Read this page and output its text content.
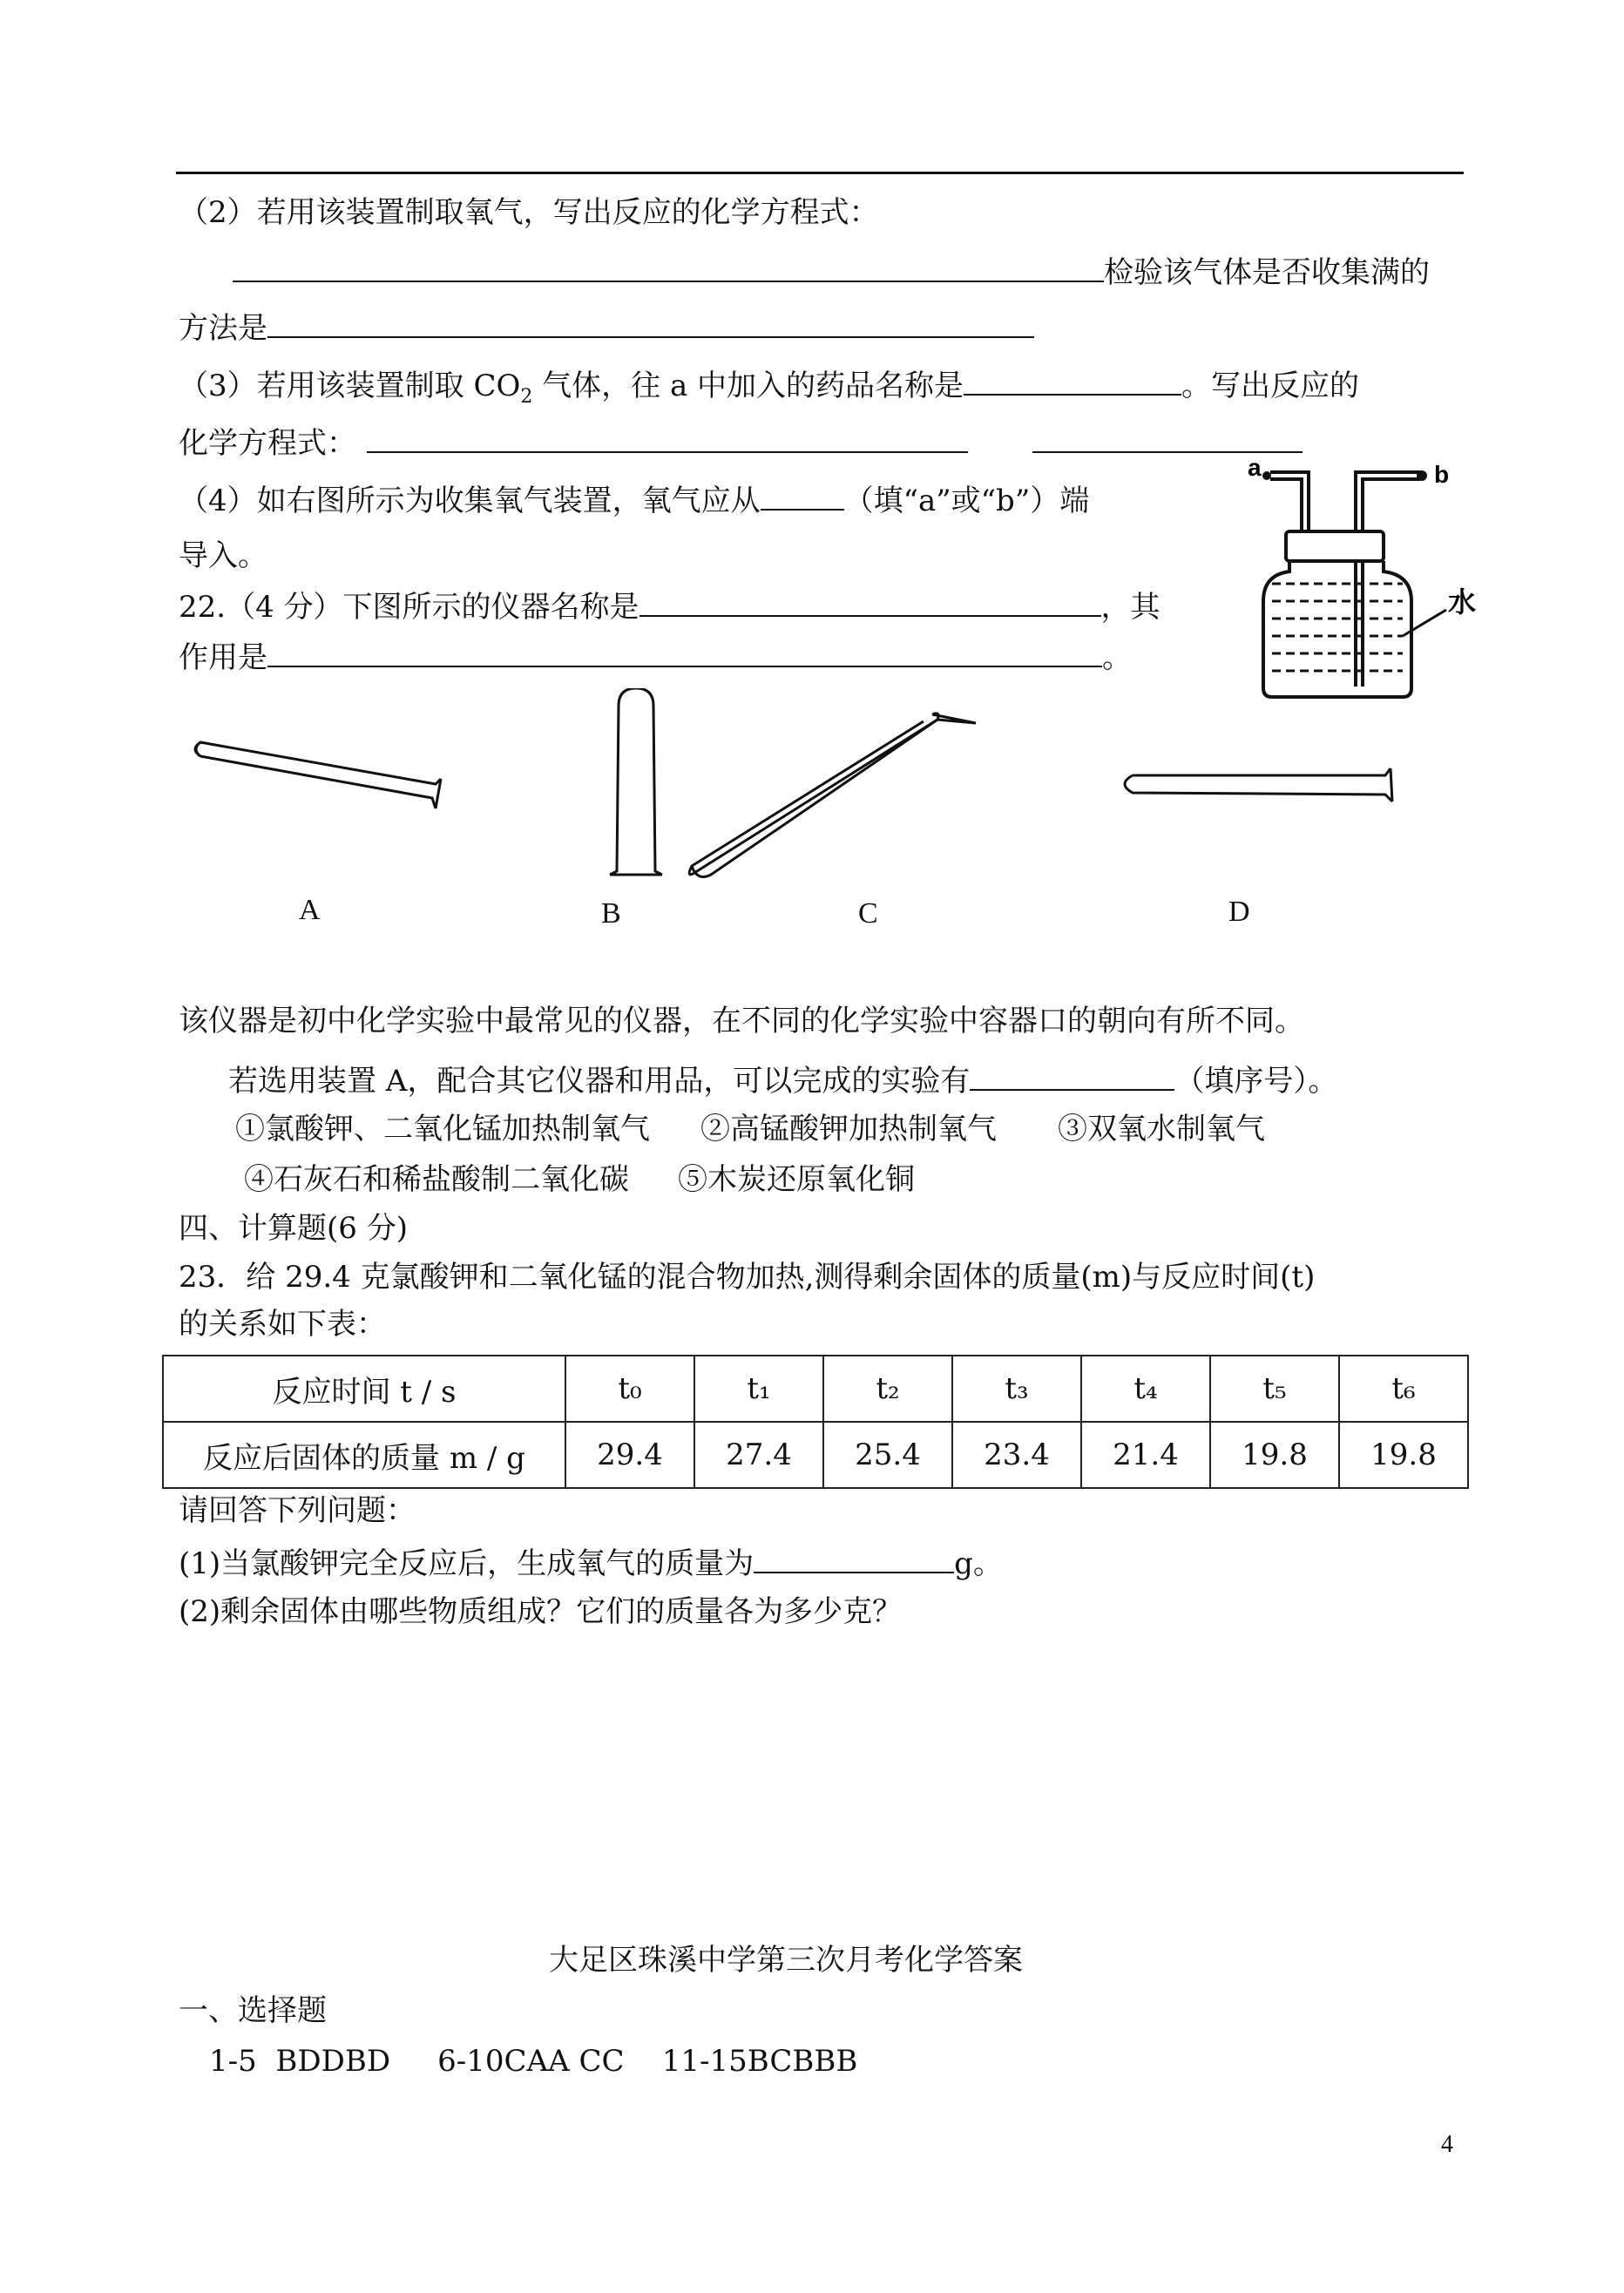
（2）若用该装置制取氧气，写出反应的化学方程式：
检验该气体是否收集满的
方法是
（3）若用该装置制取 $CO_2$ 气体，往 a 中加入的药品名称是	。写出反应的
化学方程式：
（4）如右图所示为收集氧气装置，氧气应从	（填“a”或“b”）端
导入。
a	b
水
22.（4 分）下图所示的仪器名称是	，其
作用是	。
A	B	C	D
该仪器是初中化学实验中最常见的仪器，在不同的化学实验中容器口的朝向有所不同。
若选用装置 A，配合其它仪器和用品，可以完成的实验有	（填序号）。
①氯酸钾、二氧化锰加热制氧气 ②高锰酸钾加热制氧气 ③双氧水制氧气
④石灰石和稀盐酸制二氧化碳 ⑤木炭还原氧化铜
四、计算题(6 分)
23．给 29.4 克氯酸钾和二氧化锰的混合物加热,测得剩余固体的质量(m)与反应时间(t)
的关系如下表：
反应时间 t / s	t₀	t₁	t₂	t₃	t₄	t₅	t₆
反应后固体的质量 m / g	29.4	27.4	25.4	23.4	21.4	19.8	19.8
请回答下列问题：
(1)当氯酸钾完全反应后，生成氧气的质量为	g。
(2)剩余固体由哪些物质组成？它们的质量各为多少克？
大足区珠溪中学第三次月考化学答案
一、选择题
1-5  BDDBD     6-10CAA CC    11-15BCBBB
4
